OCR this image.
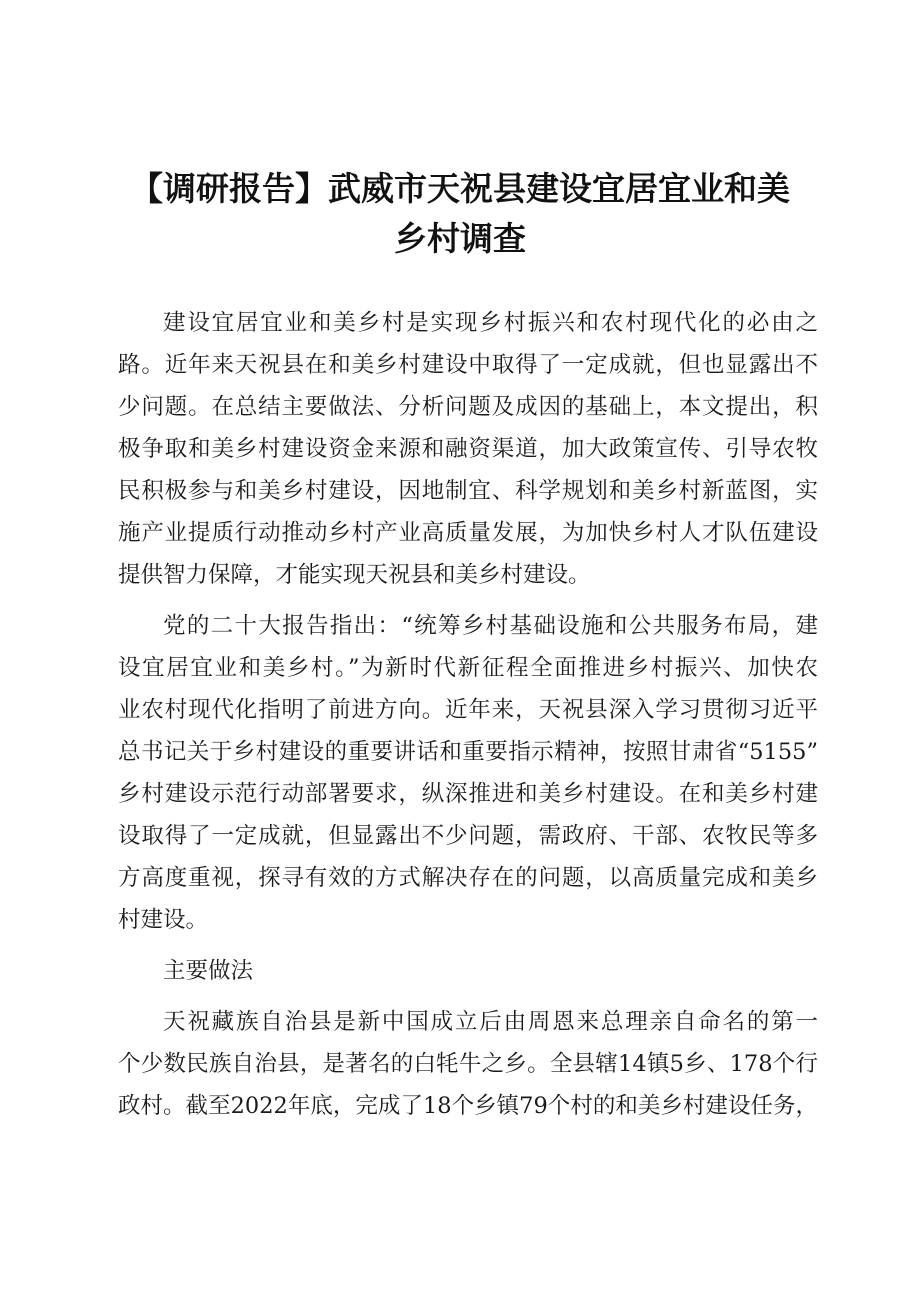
【调研报告】武威市天祝县建设宜居宜业和美
乡村调查
建设宜居宜业和美乡村是实现乡村振兴和农村现代化的必由之
路。近年来天祝县在和美乡村建设中取得了一定成就，但也显露出不
少问题。在总结主要做法、分析问题及成因的基础上，本文提出，积
极争取和美乡村建设资金来源和融资渠道，加大政策宣传、引导农牧
民积极参与和美乡村建设，因地制宜、科学规划和美乡村新蓝图，实
施产业提质行动推动乡村产业高质量发展，为加快乡村人才队伍建设
提供智力保障，才能实现天祝县和美乡村建设。
党的二十大报告指出：“统筹乡村基础设施和公共服务布局，建
设宜居宜业和美乡村。”为新时代新征程全面推进乡村振兴、加快农
业农村现代化指明了前进方向。近年来，天祝县深入学习贯彻习近平
总书记关于乡村建设的重要讲话和重要指示精神，按照甘肃省“5155”
乡村建设示范行动部署要求，纵深推进和美乡村建设。在和美乡村建
设取得了一定成就，但显露出不少问题，需政府、干部、农牧民等多
方高度重视，探寻有效的方式解决存在的问题，以高质量完成和美乡
村建设。
主要做法
天祝藏族自治县是新中国成立后由周恩来总理亲自命名的第一
个少数民族自治县，是著名的白牦牛之乡。全县辖14镇5乡、178个行
政村。截至2022年底，完成了18个乡镇79个村的和美乡村建设任务，
